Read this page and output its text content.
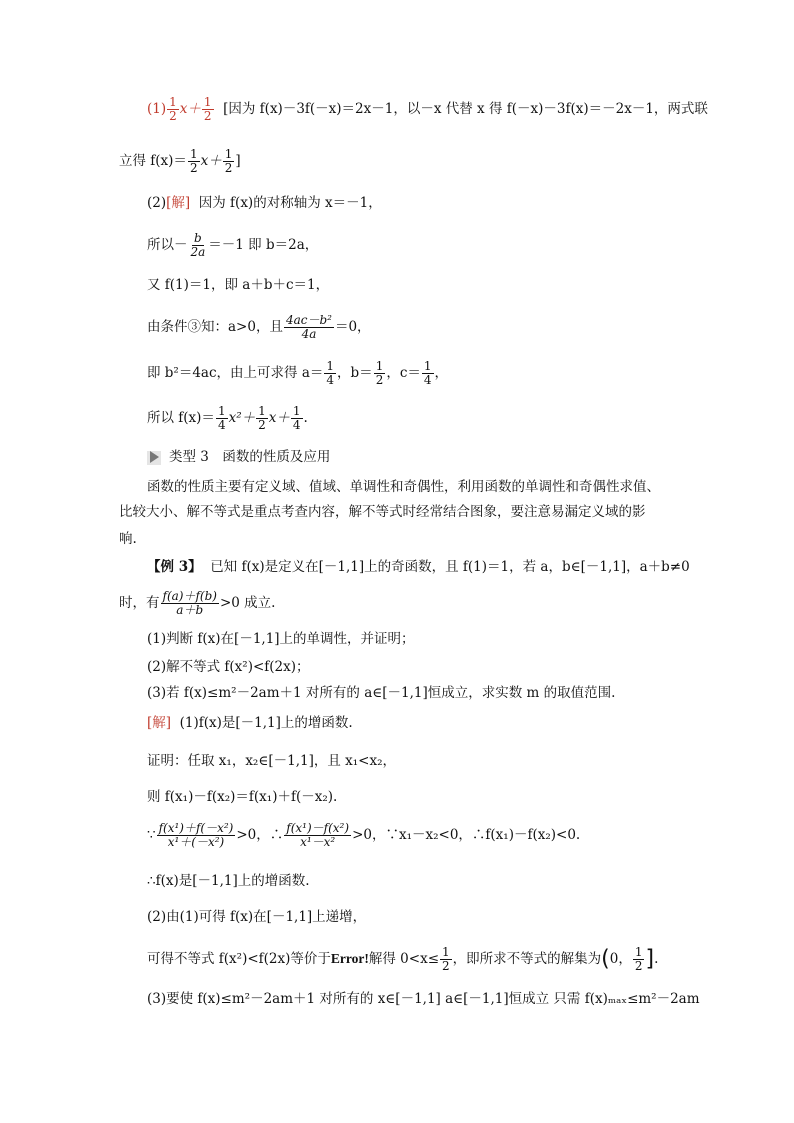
$(1) \frac{1}{2} x+ \frac{1}{2}$ [因为 f(x)－3f(－x)＝2x－1，以－x 代替 x 得 f(－x)－3f(x)＝－2x－1，两式联
立得 $f(x)= \frac{1}{2} x+ \frac{1}{2}$ ]
(2)[解] 因为 f(x)的对称轴为 x＝－1，
所以－ $\frac{b}{2a} =-1$ 即 b＝2a，
又 f(1)＝1，即 a＋b＋c＝1，
由条件③知：a>0，且 $\frac{\text{4ac－b²}}{4a} =0$，
即 b²＝4ac，由上可求得 $a= \frac{1}{4}$ ，$b= \frac{1}{2}$ ，$c= \frac{1}{4}$ ，
所以 $f(x)= \frac{1}{4} x^2+ \frac{1}{2} x+ \frac{1}{4}$ .
类型 3　函数的性质及应用
函数的性质主要有定义域、值域、单调性和奇偶性，利用函数的单调性和奇偶性求值、
比较大小、解不等式是重点考查内容，解不等式时经常结合图象，要注意易漏定义域的影
响.
【例 3】 已知 f(x)是定义在[－1,1]上的奇函数，且 f(1)＝1，若 a，b∈[－1,1]，a＋b≠0
时，有 $\frac{f(a)+f(b)}{a+b} >0$ 成立.
(1)判断 f(x)在[－1,1]上的单调性，并证明；
(2)解不等式 f(x²)<f(2x)；
(3)若 f(x)≤m²－2am＋1 对所有的 a∈[－1,1]恒成立，求实数 m 的取值范围.
[解] (1)f(x)是[－1,1]上的增函数.
证明：任取 x₁，x₂∈[－1,1]，且 x₁<x₂，
则 f(x₁)－f(x₂)＝f(x₁)＋f(－x₂).
∵ $\frac{\text{f(x¹)＋f(－x²)}}{\text{x¹＋(－x²)}} >0$，∴ $\frac{\text{f(x¹)－f(x²)}}{\text{x¹－x²}} >0$，∵x₁－x₂<0，∴f(x₁)－f(x₂)<0.
∴f(x)是[－1,1]上的增函数.
(2)由(1)可得 f(x)在[－1,1]上递增，
可得不等式 f(x²)<f(2x)等价于Error!解得 $0<x\le \frac{1}{2}$ ，即所求不等式的解集为(0， $\frac{1}{2}$ ].
(3)要使 f(x)≤m²－2am＋1 对所有的 x∈[－1,1] a∈[－1,1]恒成立 只需 f(x)ₘₐₓ≤m²－2am
